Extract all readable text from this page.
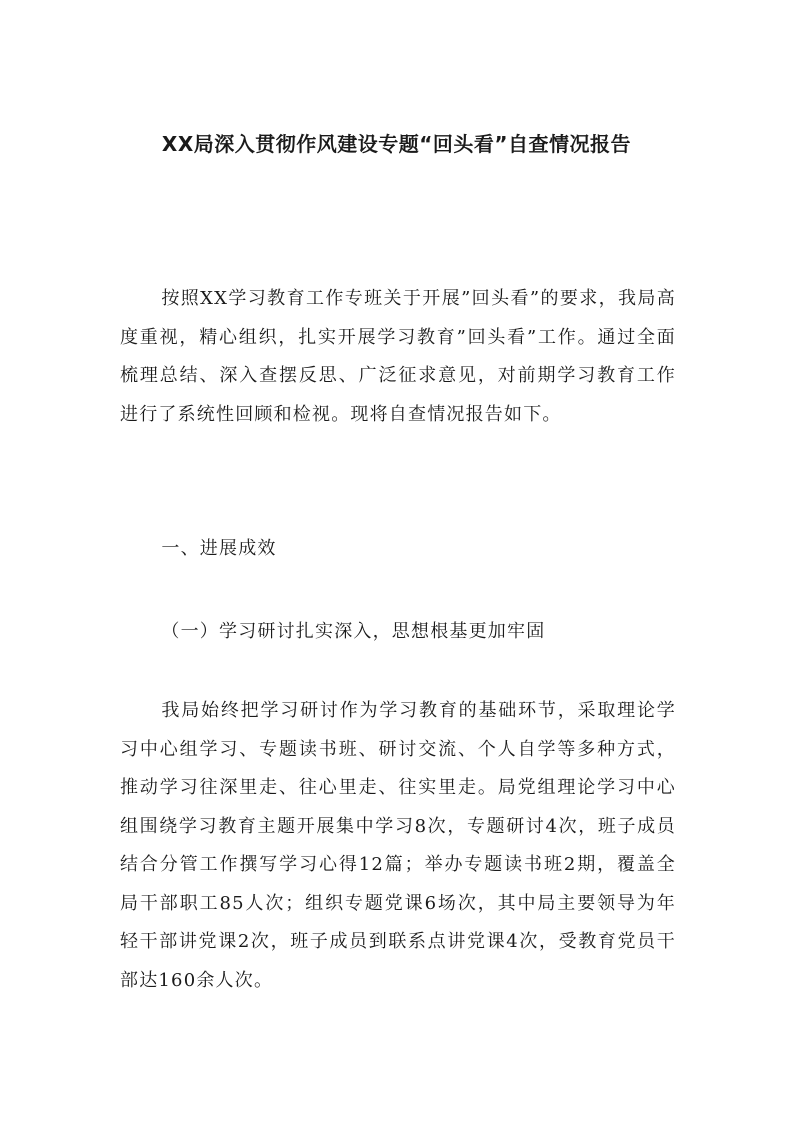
XX局深入贯彻作风建设专题“回头看”自查情况报告

按照XX学习教育工作专班关于开展”回头看”的要求，我局高度重视，精心组织，扎实开展学习教育”回头看”工作。通过全面梳理总结、深入查摆反思、广泛征求意见，对前期学习教育工作进行了系统性回顾和检视。现将自查情况报告如下。

一、进展成效

（一）学习研讨扎实深入，思想根基更加牢固

我局始终把学习研讨作为学习教育的基础环节，采取理论学习中心组学习、专题读书班、研讨交流、个人自学等多种方式，推动学习往深里走、往心里走、往实里走。局党组理论学习中心组围绕学习教育主题开展集中学习8次，专题研讨4次，班子成员结合分管工作撰写学习心得12篇；举办专题读书班2期，覆盖全局干部职工85人次；组织专题党课6场次，其中局主要领导为年轻干部讲党课2次，班子成员到联系点讲党课4次，受教育党员干部达160余人次。
